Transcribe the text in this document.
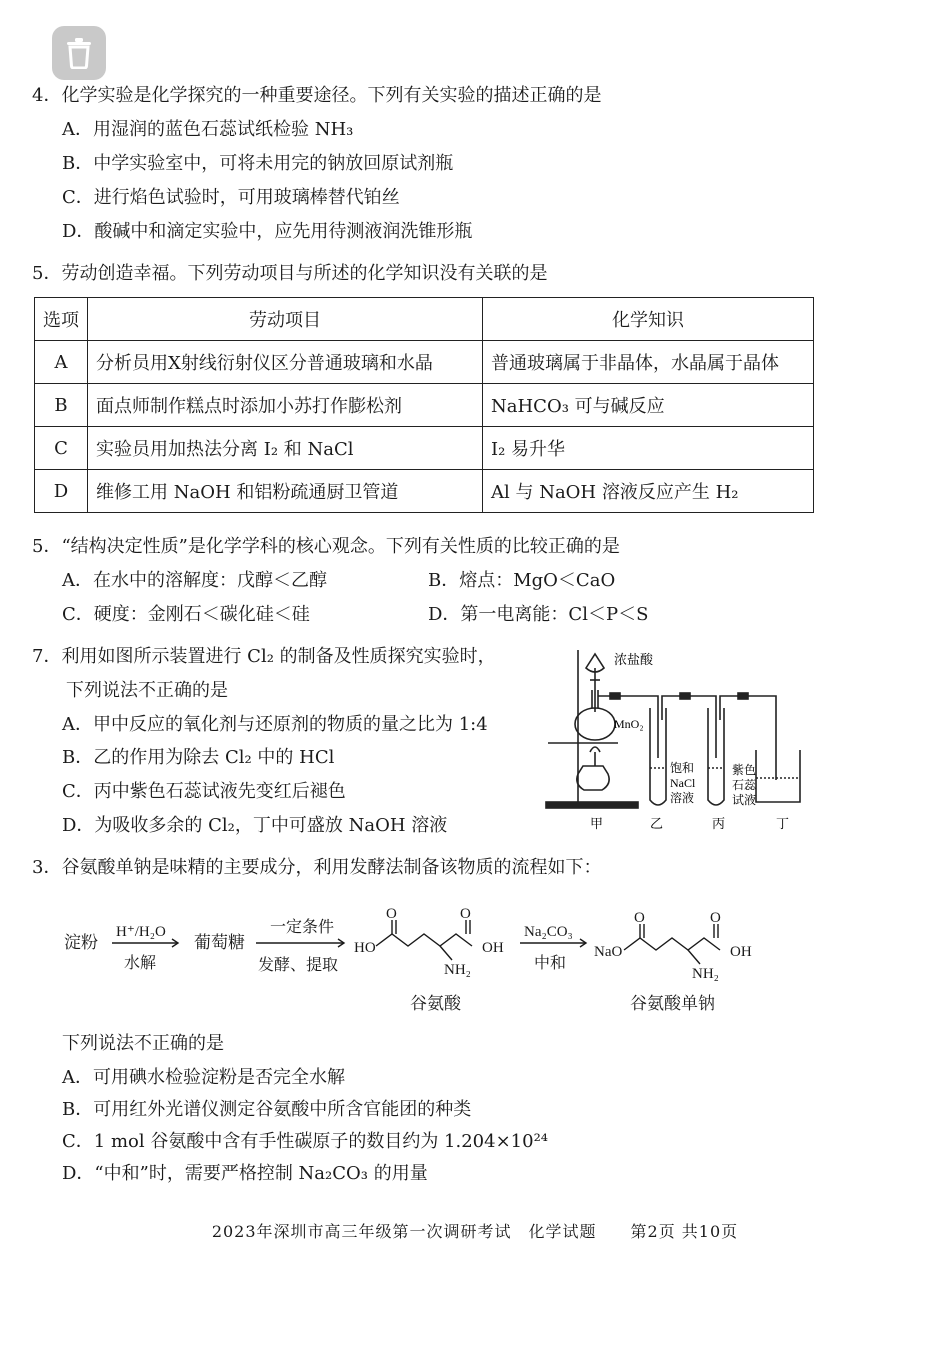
4．化学实验是化学探究的一种重要途径。下列有关实验的描述正确的是
A．用湿润的蓝色石蕊试纸检验 NH₃
B．中学实验室中，可将未用完的钠放回原试剂瓶
C．进行焰色试验时，可用玻璃棒替代铂丝
D．酸碱中和滴定实验中，应先用待测液润洗锥形瓶
5．劳动创造幸福。下列劳动项目与所述的化学知识没有关联的是
选项	劳动项目	化学知识
A	分析员用X射线衍射仪区分普通玻璃和水晶	普通玻璃属于非晶体，水晶属于晶体
B	面点师制作糕点时添加小苏打作膨松剂	NaHCO₃ 可与碱反应
C	实验员用加热法分离 I₂ 和 NaCl	I₂ 易升华
D	维修工用 NaOH 和铝粉疏通厨卫管道	Al 与 NaOH 溶液反应产生 H₂
5．“结构决定性质”是化学学科的核心观念。下列有关性质的比较正确的是
A．在水中的溶解度：戊醇＜乙醇	B．熔点：MgO＜CaO
C．硬度：金刚石＜碳化硅＜硅	D．第一电离能：Cl＜P＜S
7．利用如图所示装置进行 Cl₂ 的制备及性质探究实验时，
下列说法不正确的是
A．甲中反应的氧化剂与还原剂的物质的量之比为 1:4
B．乙的作用为除去 Cl₂ 中的 HCl
C．丙中紫色石蕊试液先变红后褪色
D．为吸收多余的 Cl₂，丁中可盛放 NaOH 溶液
浓盐酸
MnO₂
饱和
NaCl
溶液
紫色
石蕊
试液
甲	乙	丙	丁
3．谷氨酸单钠是味精的主要成分，利用发酵法制备该物质的流程如下：
淀粉
H⁺/H₂O
水解
葡萄糖
一定条件
发酵、提取
HO
O	O
OH
NH₂
谷氨酸
Na₂CO₃
中和
NaO
O	O
OH
NH₂
谷氨酸单钠
下列说法不正确的是
A．可用碘水检验淀粉是否完全水解
B．可用红外光谱仪测定谷氨酸中所含官能团的种类
C．1 mol 谷氨酸中含有手性碳原子的数目约为 1.204×10²⁴
D．“中和”时，需要严格控制 Na₂CO₃ 的用量
2023年深圳市高三年级第一次调研考试　化学试题　　第2页 共10页
